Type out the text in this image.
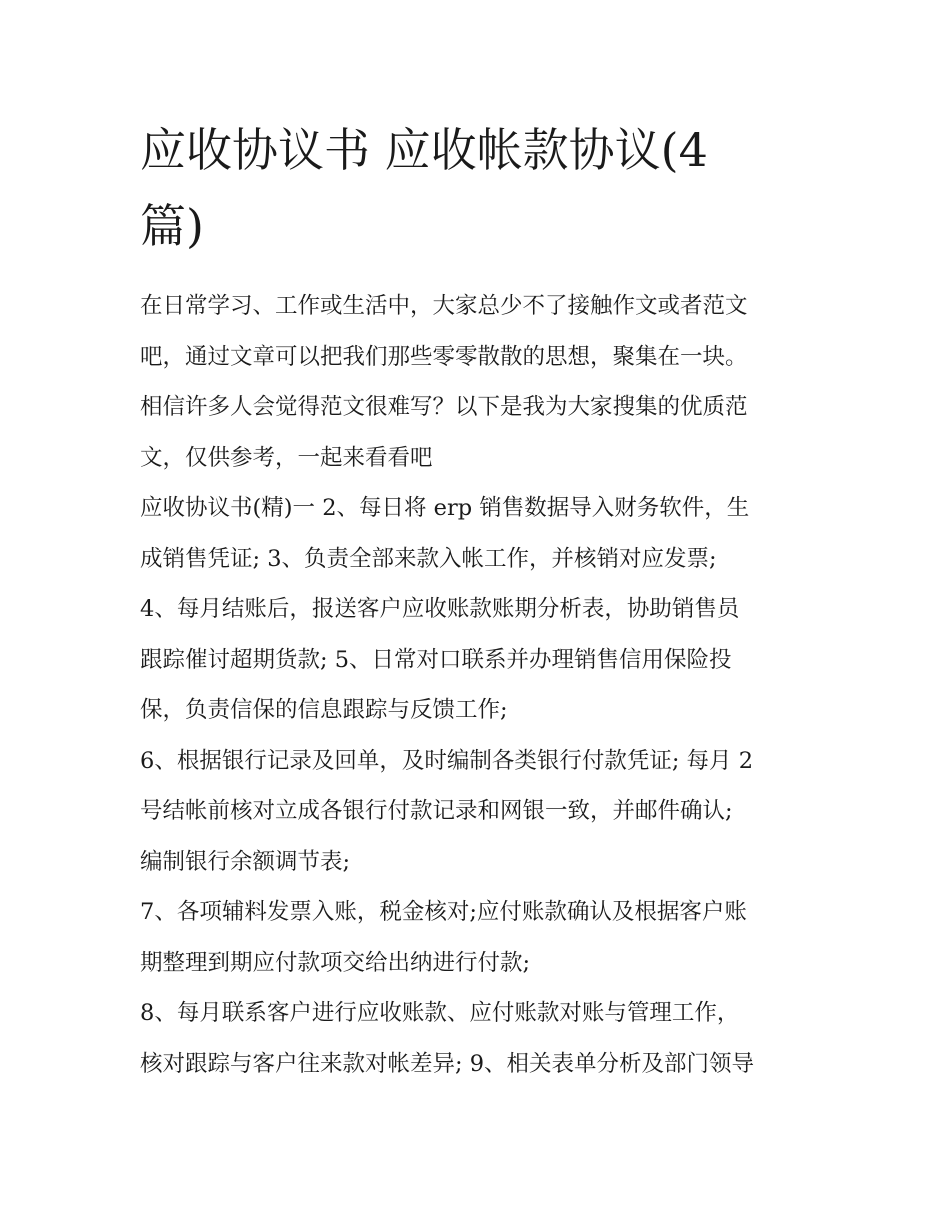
应收协议书 应收帐款协议(4
篇)

在日常学习、工作或生活中，大家总少不了接触作文或者范文
吧，通过文章可以把我们那些零零散散的思想，聚集在一块。
相信许多人会觉得范文很难写？以下是我为大家搜集的优质范
文，仅供参考，一起来看看吧

应收协议书(精)一 2、每日将 erp 销售数据导入财务软件，生
成销售凭证; 3、负责全部来款入帐工作，并核销对应发票;

4、每月结账后，报送客户应收账款账期分析表，协助销售员
跟踪催讨超期货款; 5、日常对口联系并办理销售信用保险投
保，负责信保的信息跟踪与反馈工作;

6、根据银行记录及回单，及时编制各类银行付款凭证; 每月 2
号结帐前核对立成各银行付款记录和网银一致，并邮件确认;
编制银行余额调节表;

7、各项辅料发票入账，税金核对;应付账款确认及根据客户账
期整理到期应付款项交给出纳进行付款;

8、每月联系客户进行应收账款、应付账款对账与管理工作，
核对跟踪与客户往来款对帐差异; 9、相关表单分析及部门领导
